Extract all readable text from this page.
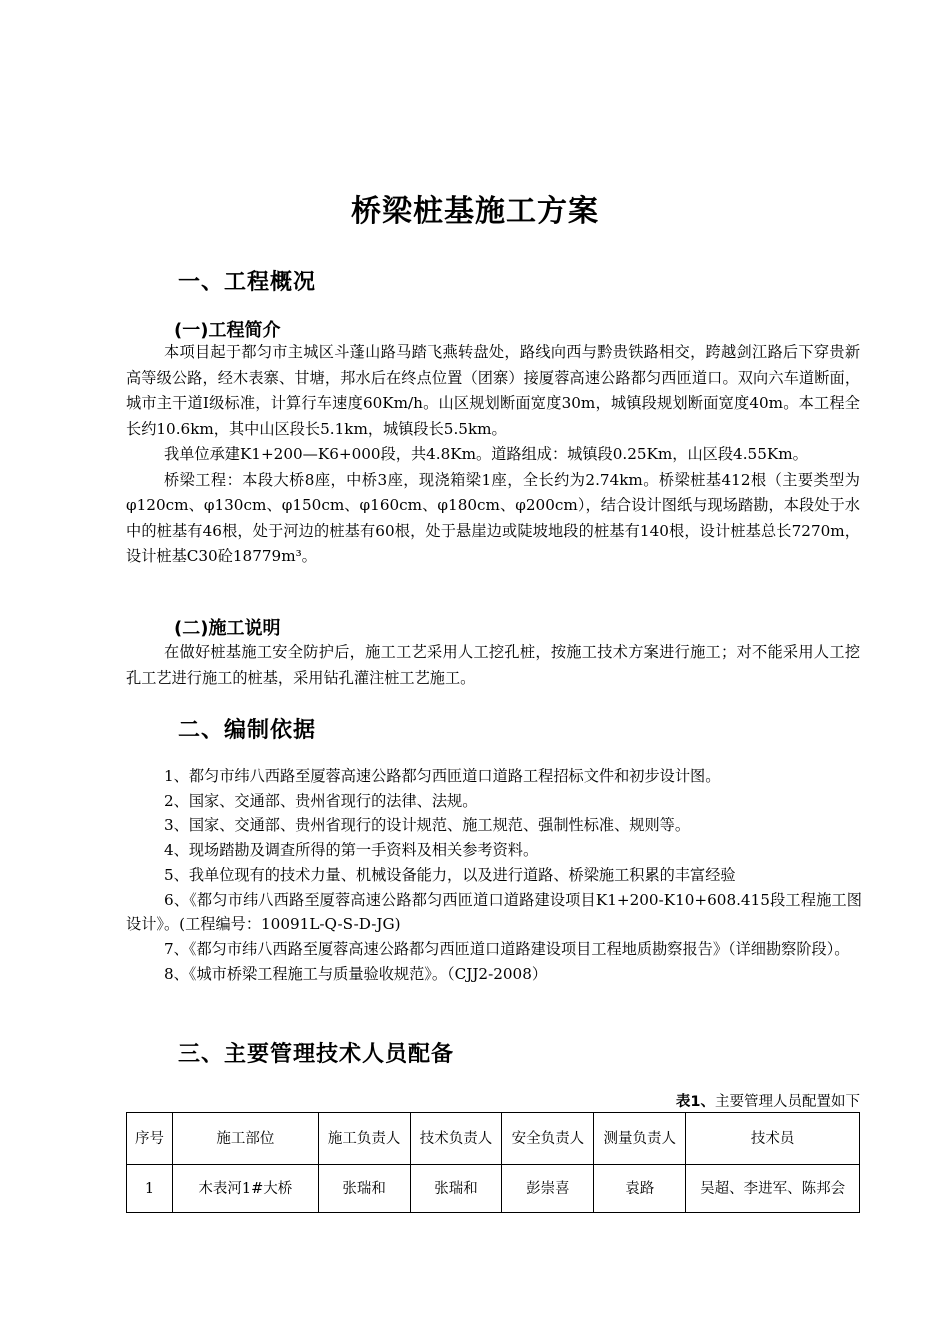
桥梁桩基施工方案
一、工程概况
(一)工程简介
本项目起于都匀市主城区斗蓬山路马踏飞燕转盘处，路线向西与黔贵铁路相交，跨越剑江路后下穿贵新高等级公路，经木表寨、甘塘，邦水后在终点位置（团寨）接厦蓉高速公路都匀西匝道口。双向六车道断面，城市主干道Ⅰ级标准，计算行车速度60Km/h。山区规划断面宽度30m，城镇段规划断面宽度40m。本工程全长约10.6km，其中山区段长5.1km，城镇段长5.5km。
我单位承建K1+200—K6+000段，共4.8Km。道路组成：城镇段0.25Km，山区段4.55Km。
桥梁工程：本段大桥8座，中桥3座，现浇箱梁1座，全长约为2.74km。桥梁桩基412根（主要类型为φ120cm、φ130cm、φ150cm、φ160cm、φ180cm、φ200cm），结合设计图纸与现场踏勘，本段处于水中的桩基有46根，处于河边的桩基有60根，处于悬崖边或陡坡地段的桩基有140根，设计桩基总长7270m，设计桩基C30砼18779m³。
(二)施工说明
在做好桩基施工安全防护后，施工工艺采用人工挖孔桩，按施工技术方案进行施工；对不能采用人工挖孔工艺进行施工的桩基，采用钻孔灌注桩工艺施工。
二、编制依据
1、都匀市纬八西路至厦蓉高速公路都匀西匝道口道路工程招标文件和初步设计图。
2、国家、交通部、贵州省现行的法律、法规。
3、国家、交通部、贵州省现行的设计规范、施工规范、强制性标准、规则等。
4、现场踏勘及调查所得的第一手资料及相关参考资料。
5、我单位现有的技术力量、机械设备能力，以及进行道路、桥梁施工积累的丰富经验
6、《都匀市纬八西路至厦蓉高速公路都匀西匝道口道路建设项目K1+200-K10+608.415段工程施工图设计》。(工程编号：10091L-Q-S-D-JG)
7、《都匀市纬八西路至厦蓉高速公路都匀西匝道口道路建设项目工程地质勘察报告》（详细勘察阶段）。
8、《城市桥梁工程施工与质量验收规范》。（CJJ2-2008）
三、主要管理技术人员配备
表1、主要管理人员配置如下
序号	施工部位	施工负责人	技术负责人	安全负责人	测量负责人	技术员
1	木表河1#大桥	张瑞和	张瑞和	彭崇喜	袁路	吴超、李进军、陈邦会
